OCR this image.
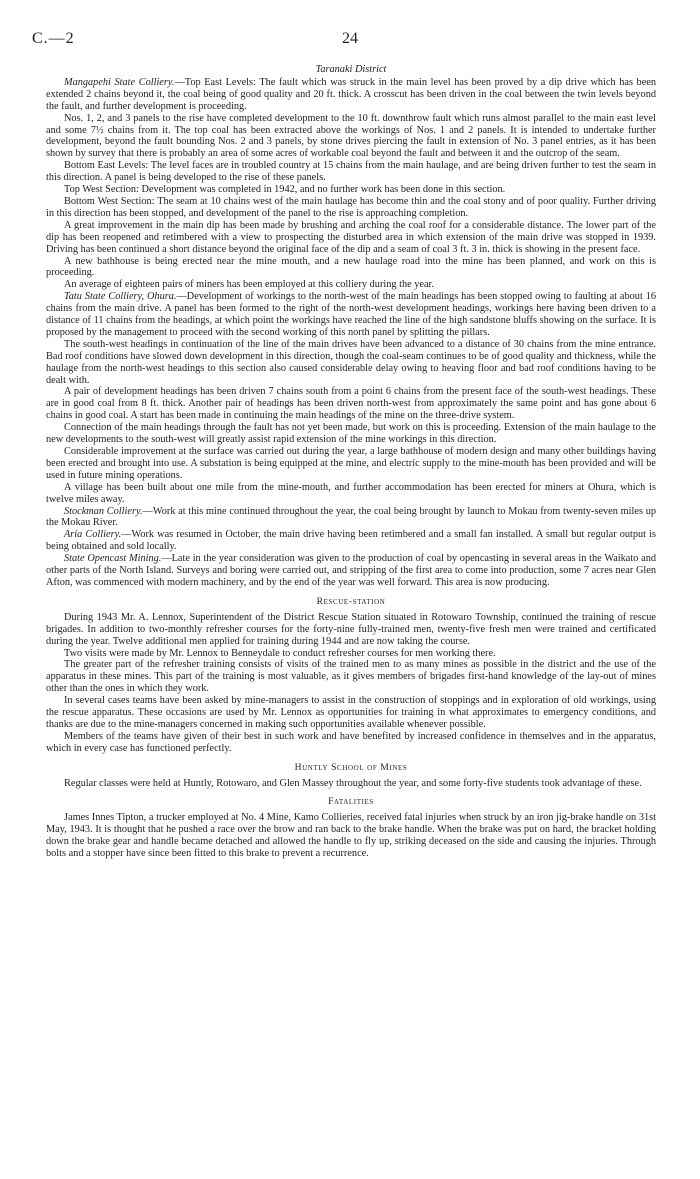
C.—2	24
Taranaki District

Mangapehi State Colliery.—Top East Levels: The fault which was struck in the main level has been proved by a dip drive which has been extended 2 chains beyond it, the coal being of good quality and 20 ft. thick. A crosscut has been driven in the coal between the twin levels beyond the fault, and further development is proceeding.

Nos. 1, 2, and 3 panels to the rise have completed development to the 10 ft. downthrow fault which runs almost parallel to the main east level and some 7½ chains from it. The top coal has been extracted above the workings of Nos. 1 and 2 panels. It is intended to undertake further development, beyond the fault bounding Nos. 2 and 3 panels, by stone drives piercing the fault in extension of No. 3 panel entries, as it has been shown by survey that there is probably an area of some acres of workable coal beyond the fault and between it and the outcrop of the seam.

Bottom East Levels: The level faces are in troubled country at 15 chains from the main haulage, and are being driven further to test the seam in this direction. A panel is being developed to the rise of these panels.

Top West Section: Development was completed in 1942, and no further work has been done in this section.

Bottom West Section: The seam at 10 chains west of the main haulage has become thin and the coal stony and of poor quality. Further driving in this direction has been stopped, and development of the panel to the rise is approaching completion.

A great improvement in the main dip has been made by brushing and arching the coal roof for a considerable distance. The lower part of the dip has been reopened and retimbered with a view to prospecting the disturbed area in which extension of the main drive was stopped in 1939. Driving has been continued a short distance beyond the original face of the dip and a seam of coal 3 ft. 3 in. thick is showing in the present face.

A new bathhouse is being erected near the mine mouth, and a new haulage road into the mine has been planned, and work on this is proceeding.

An average of eighteen pairs of miners has been employed at this colliery during the year.

Tatu State Colliery, Ohura.—Development of workings to the north-west of the main headings has been stopped owing to faulting at about 16 chains from the main drive. A panel has been formed to the right of the north-west development headings, workings here having been driven to a distance of 11 chains from the headings, at which point the workings have reached the line of the high sandstone bluffs showing on the surface. It is proposed by the management to proceed with the second working of this north panel by splitting the pillars.

The south-west headings in continuation of the line of the main drives have been advanced to a distance of 30 chains from the mine entrance. Bad roof conditions have slowed down development in this direction, though the coal-seam continues to be of good quality and thickness, while the haulage from the north-west headings to this section also caused considerable delay owing to heaving floor and bad roof conditions having to be dealt with.

A pair of development headings has been driven 7 chains south from a point 6 chains from the present face of the south-west headings. These are in good coal from 8 ft. thick. Another pair of headings has been driven north-west from approximately the same point and has gone about 6 chains in good coal. A start has been made in continuing the main headings of the mine on the three-drive system.

Connection of the main headings through the fault has not yet been made, but work on this is proceeding. Extension of the main haulage to the new developments to the south-west will greatly assist rapid extension of the mine workings in this direction.

Considerable improvement at the surface was carried out during the year, a large bathhouse of modern design and many other buildings having been erected and brought into use. A substation is being equipped at the mine, and electric supply to the mine-mouth has been provided and will be used in future mining operations.

A village has been built about one mile from the mine-mouth, and further accommodation has been erected for miners at Ohura, which is twelve miles away.

Stockman Colliery.—Work at this mine continued throughout the year, the coal being brought by launch to Mokau from twenty-seven miles up the Mokau River.

Aria Colliery.—Work was resumed in October, the main drive having been retimbered and a small fan installed. A small but regular output is being obtained and sold locally.

State Opencast Mining.—Late in the year consideration was given to the production of coal by opencasting in several areas in the Waikato and other parts of the North Island. Surveys and boring were carried out, and stripping of the first area to come into production, some 7 acres near Glen Afton, was commenced with modern machinery, and by the end of the year was well forward. This area is now producing.

Rescue-station

During 1943 Mr. A. Lennox, Superintendent of the District Rescue Station situated in Rotowaro Township, continued the training of rescue brigades. In addition to two-monthly refresher courses for the forty-nine fully-trained men, twenty-five fresh men were trained and certificated during the year. Twelve additional men applied for training during 1944 and are now taking the course.

Two visits were made by Mr. Lennox to Benneydale to conduct refresher courses for men working there.

The greater part of the refresher training consists of visits of the trained men to as many mines as possible in the district and the use of the apparatus in these mines. This part of the training is most valuable, as it gives members of brigades first-hand knowledge of the lay-out of mines other than the ones in which they work.

In several cases teams have been asked by mine-managers to assist in the construction of stoppings and in exploration of old workings, using the rescue apparatus. These occasions are used by Mr. Lennox as opportunities for training in what approximates to emergency conditions, and thanks are due to the mine-managers concerned in making such opportunities available whenever possible.

Members of the teams have given of their best in such work and have benefited by increased confidence in themselves and in the apparatus, which in every case has functioned perfectly.

Huntly School of Mines

Regular classes were held at Huntly, Rotowaro, and Glen Massey throughout the year, and some forty-five students took advantage of these.

Fatalities

James Innes Tipton, a trucker employed at No. 4 Mine, Kamo Collieries, received fatal injuries when struck by an iron jig-brake handle on 31st May, 1943. It is thought that he pushed a race over the brow and ran back to the brake handle. When the brake was put on hard, the bracket holding down the brake gear and handle became detached and allowed the handle to fly up, striking deceased on the side and causing the injuries. Through bolts and a stopper have since been fitted to this brake to prevent a recurrence.
